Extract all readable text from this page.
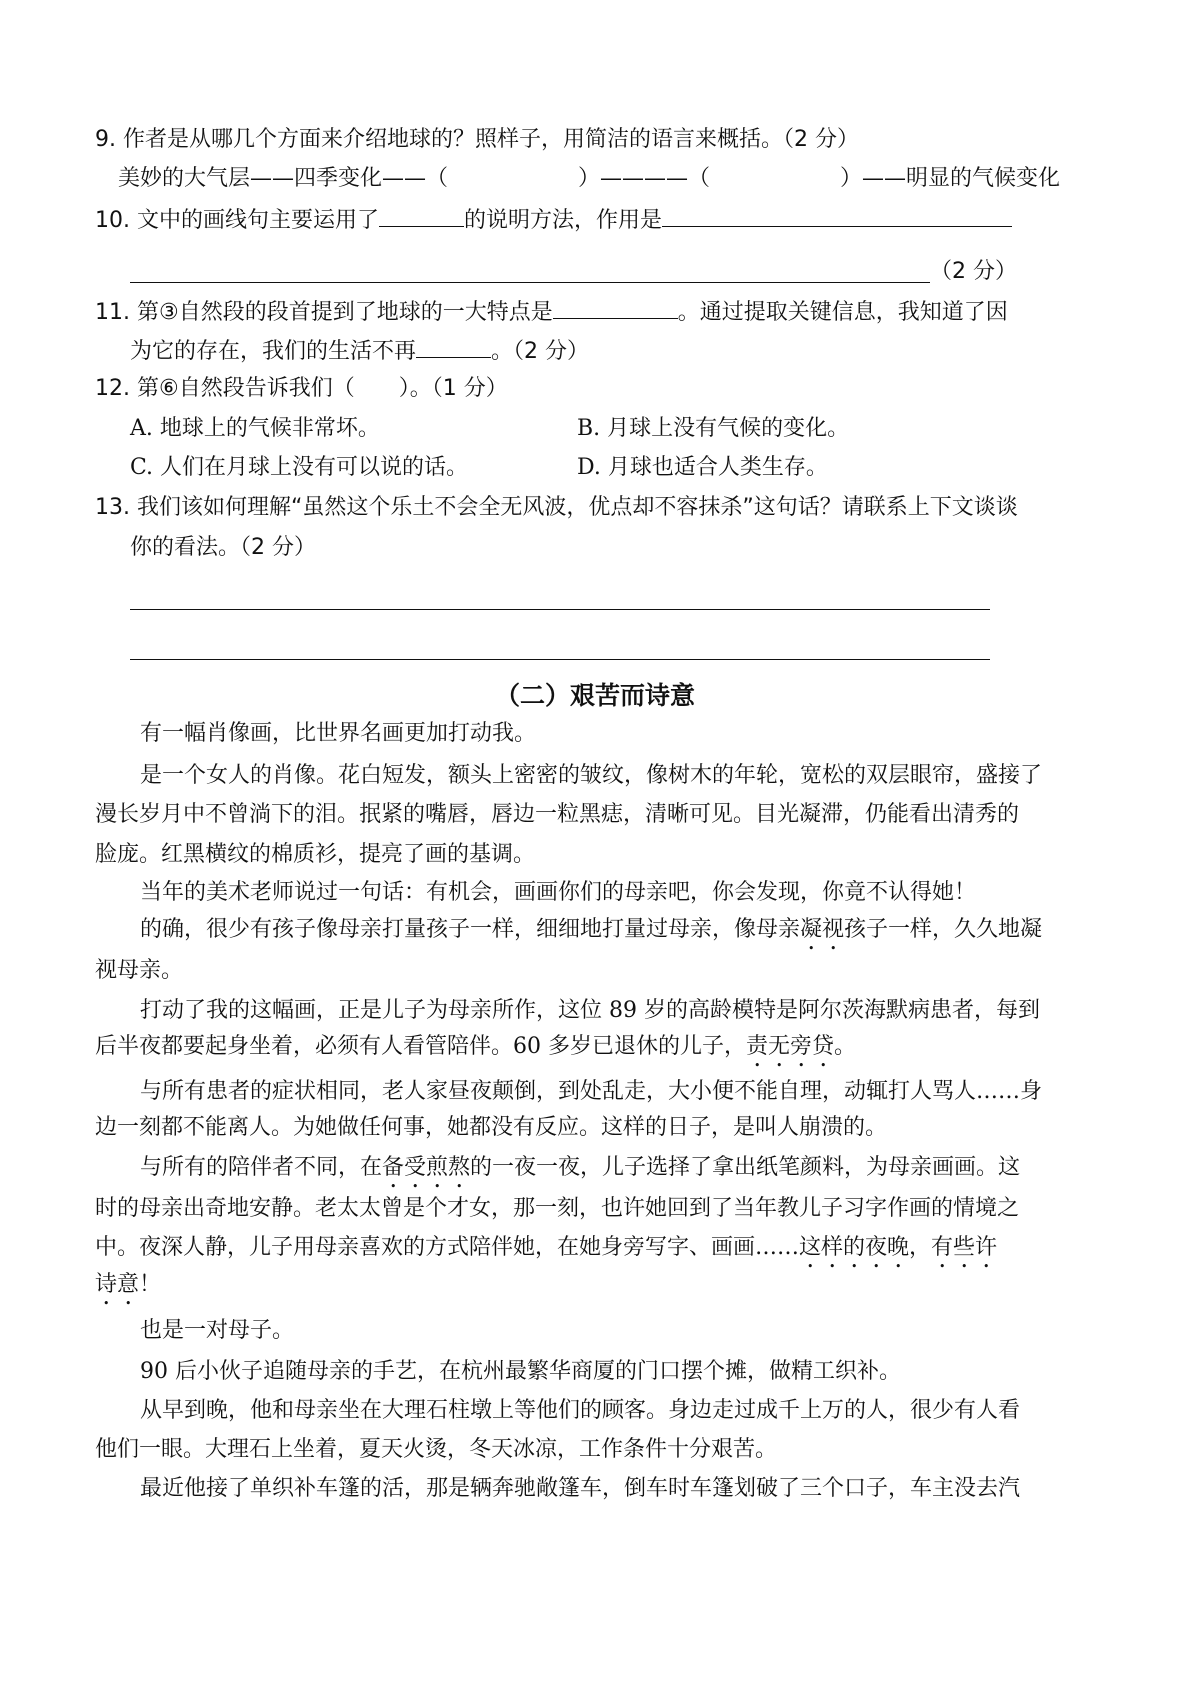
9. 作者是从哪几个方面来介绍地球的？照样子，用简洁的语言来概括。（2 分）
美妙的大气层——四季变化——（	）————（	）——明显的气候变化
10. 文中的画线句主要运用了	的说明方法，作用是
（2 分）
11. 第③自然段的段首提到了地球的一大特点是	。通过提取关键信息，我知道了因
为它的存在，我们的生活不再	。（2 分）
12. 第⑥自然段告诉我们（　　）。（1 分）
A. 地球上的气候非常坏。	B. 月球上没有气候的变化。
C. 人们在月球上没有可以说的话。	D. 月球也适合人类生存。
13. 我们该如何理解“虽然这个乐土不会全无风波，优点却不容抹杀”这句话？请联系上下文谈谈
你的看法。（2 分）
（二）艰苦而诗意
有一幅肖像画，比世界名画更加打动我。
是一个女人的肖像。花白短发，额头上密密的皱纹，像树木的年轮，宽松的双层眼帘，盛接了
漫长岁月中不曾淌下的泪。抿紧的嘴唇，唇边一粒黑痣，清晰可见。目光凝滞，仍能看出清秀的
脸庞。红黑横纹的棉质衫，提亮了画的基调。
当年的美术老师说过一句话：有机会，画画你们的母亲吧，你会发现，你竟不认得她！
的确，很少有孩子像母亲打量孩子一样，细细地打量过母亲，像母亲凝视孩子一样，久久地凝
视母亲。
打动了我的这幅画，正是儿子为母亲所作，这位 89 岁的高龄模特是阿尔茨海默病患者，每到
后半夜都要起身坐着，必须有人看管陪伴。60 多岁已退休的儿子，责无旁贷。
与所有患者的症状相同，老人家昼夜颠倒，到处乱走，大小便不能自理，动辄打人骂人……身
边一刻都不能离人。为她做任何事，她都没有反应。这样的日子，是叫人崩溃的。
与所有的陪伴者不同，在备受煎熬的一夜一夜，儿子选择了拿出纸笔颜料，为母亲画画。这
时的母亲出奇地安静。老太太曾是个才女，那一刻，也许她回到了当年教儿子习字作画的情境之
中。夜深人静，儿子用母亲喜欢的方式陪伴她，在她身旁写字、画画……这样的夜晚，有些许
诗意！
也是一对母子。
90 后小伙子追随母亲的手艺，在杭州最繁华商厦的门口摆个摊，做精工织补。
从早到晚，他和母亲坐在大理石柱墩上等他们的顾客。身边走过成千上万的人，很少有人看
他们一眼。大理石上坐着，夏天火烫，冬天冰凉，工作条件十分艰苦。
最近他接了单织补车篷的活，那是辆奔驰敞篷车，倒车时车篷划破了三个口子，车主没去汽
